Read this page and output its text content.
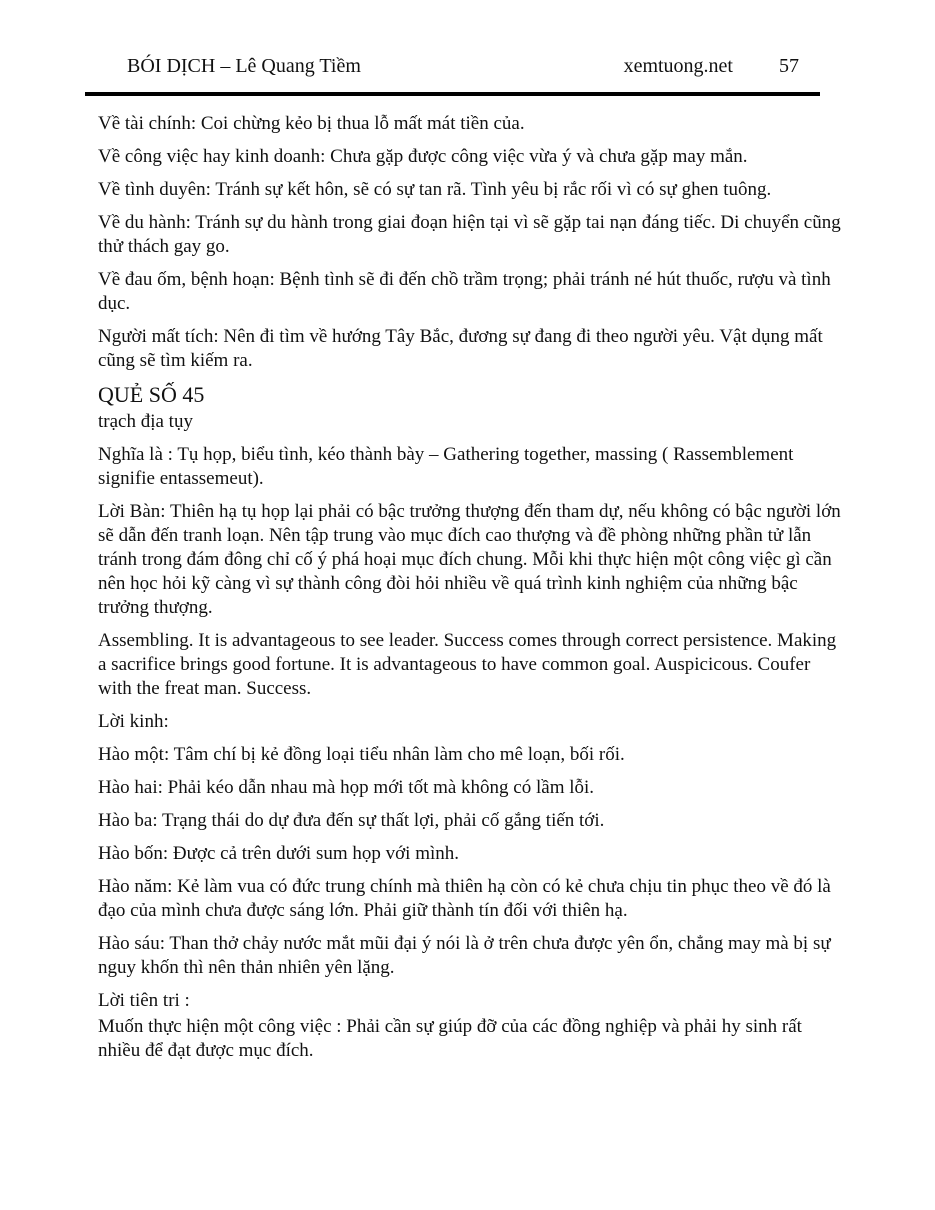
BÓI DỊCH – Lê Quang Tiềm	xemtuong.net 57

Về tài chính: Coi chừng kẻo bị thua lỗ mất mát tiền của.

Về công việc hay kinh doanh: Chưa gặp được công việc vừa ý và chưa gặp may mắn.

Về tình duyên: Tránh sự kết hôn, sẽ có sự tan rã. Tình yêu bị rắc rối vì có sự ghen tuông.

Về du hành: Tránh sự du hành trong giai đoạn hiện tại vì sẽ gặp tai nạn đáng tiếc. Di chuyển cũng thử thách gay go.

Về đau ốm, bệnh hoạn: Bệnh tình sẽ đi đến chồ trầm trọng; phải tránh né hút thuốc, rượu và tình dục.

Người mất tích: Nên đi tìm về hướng Tây Bắc, đương sự đang đi theo người yêu. Vật dụng mất cũng sẽ tìm kiếm ra.

QUẺ SỐ 45

trạch địa tụy

Nghĩa là : Tụ họp, biểu tình, kéo thành bày – Gathering together, massing ( Rassemblement signifie entassemeut).

Lời Bàn: Thiên hạ tụ họp lại phải có bậc trưởng thượng đến tham dự, nếu không có bậc người lớn sẽ dẫn đến tranh loạn. Nên tập trung vào mục đích cao thượng và đề phòng những phần tử lẫn tránh trong đám đông chỉ cố ý phá hoại mục đích chung. Mỗi khi thực hiện một công việc gì cần nên học hỏi kỹ càng vì sự thành công đòi hỏi nhiều về quá trình kinh nghiệm của những bậc trưởng thượng.

Assembling. It is advantageous to see leader. Success comes through correct persistence. Making a sacrifice brings good fortune. It is advantageous to have common goal. Auspicicous. Coufer with the freat man. Success.

Lời kinh:

Hào một: Tâm chí bị kẻ đồng loại tiểu nhân làm cho mê loạn, bối rối.

Hào hai: Phải kéo dẫn nhau mà họp mới tốt mà không có lầm lỗi.

Hào ba: Trạng thái do dự đưa đến sự thất lợi, phải cố gắng tiến tới.

Hào bốn: Được cả trên dưới sum họp với mình.

Hào năm: Kẻ làm vua có đức trung chính mà thiên hạ còn có kẻ chưa chịu tin phục theo về đó là đạo của mình chưa được sáng lớn. Phải giữ thành tín đối với thiên hạ.

Hào sáu: Than thở chảy nước mắt mũi đại ý nói là ở trên chưa được yên ổn, chẳng may mà bị sự nguy khốn thì nên thản nhiên yên lặng.

Lời tiên tri :

Muốn thực hiện một công việc : Phải cần sự giúp đỡ của các đồng nghiệp và phải hy sinh rất nhiều để đạt được mục đích.
